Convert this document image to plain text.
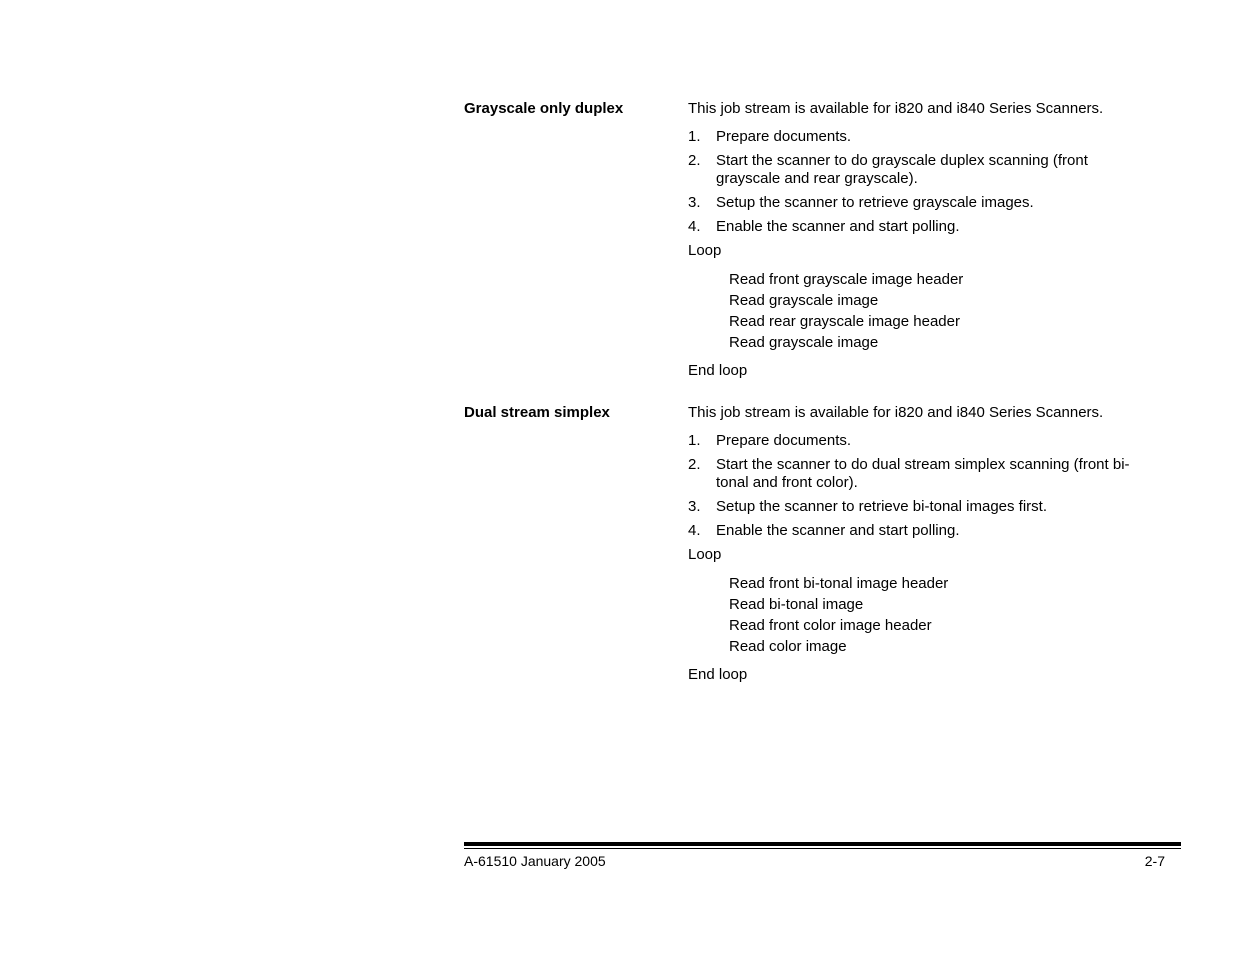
Grayscale only duplex	This job stream is available for i820 and i840 Series Scanners.

1. Prepare documents.
2. Start the scanner to do grayscale duplex scanning (front grayscale and rear grayscale).
3. Setup the scanner to retrieve grayscale images.
4. Enable the scanner and start polling.

Loop

Read front grayscale image header
Read grayscale image
Read rear grayscale image header
Read grayscale image

End loop

Dual stream simplex	This job stream is available for i820 and i840 Series Scanners.

1. Prepare documents.
2. Start the scanner to do dual stream simplex scanning (front bi-tonal and front color).
3. Setup the scanner to retrieve bi-tonal images first.
4. Enable the scanner and start polling.

Loop

Read front bi-tonal image header
Read bi-tonal image
Read front color image header
Read color image

End loop

A-61510 January 2005	2-7
